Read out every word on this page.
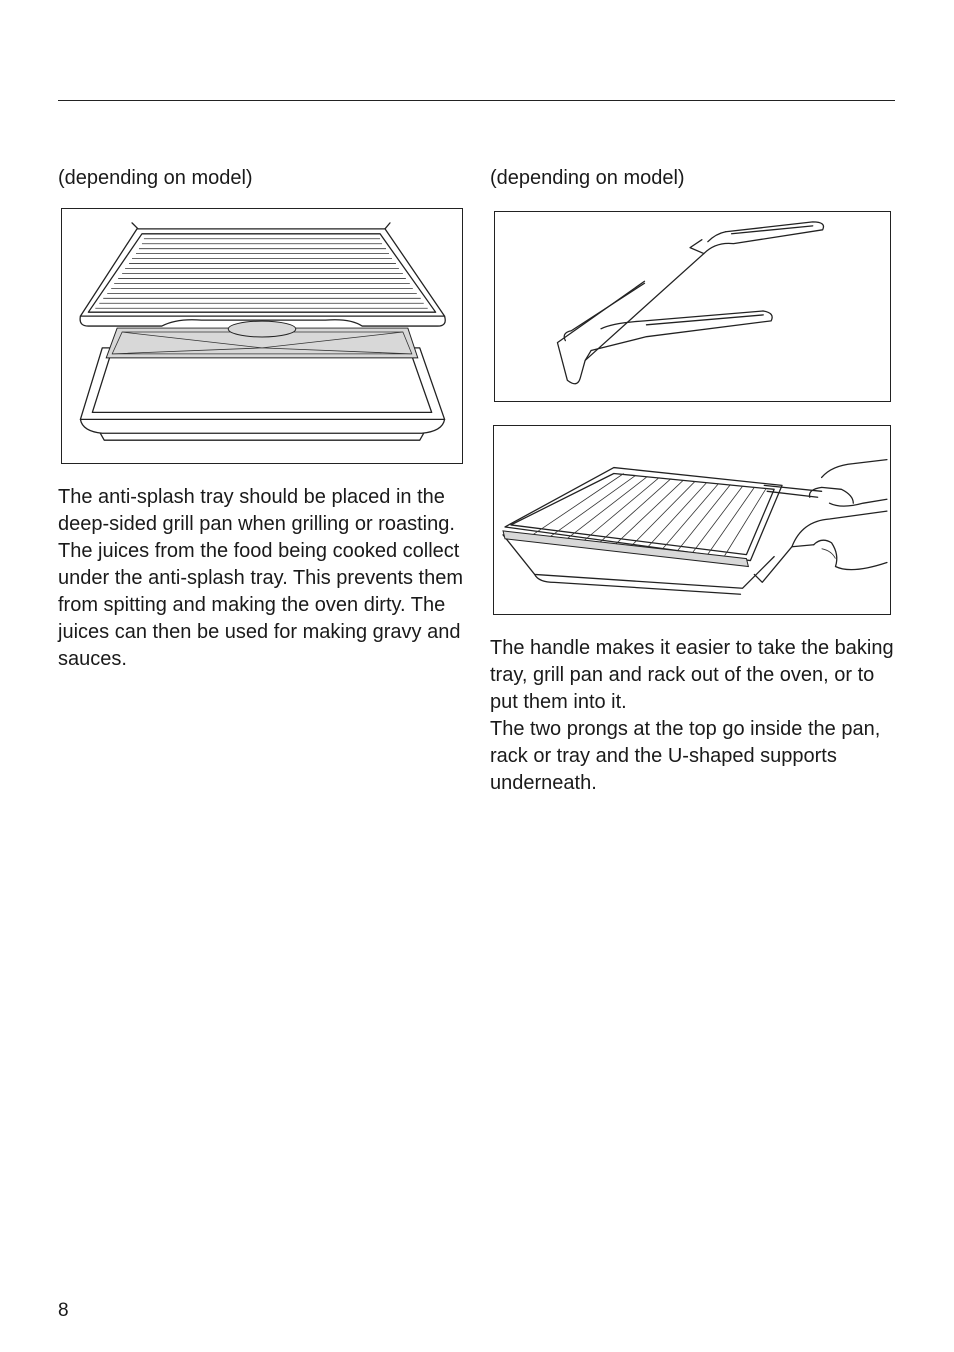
(depending on model)

The anti-splash tray should be placed in the deep-sided grill pan when grilling or roasting.

The juices from the food being cooked collect under the anti-splash tray. This prevents them from spitting and making the oven dirty. The juices can then be used for making gravy and sauces.

(depending on model)

The handle makes it easier to take the baking tray, grill pan and rack out of the oven, or to put them into it.

The two prongs at the top go inside the pan, rack or tray and the U-shaped supports underneath.

8
